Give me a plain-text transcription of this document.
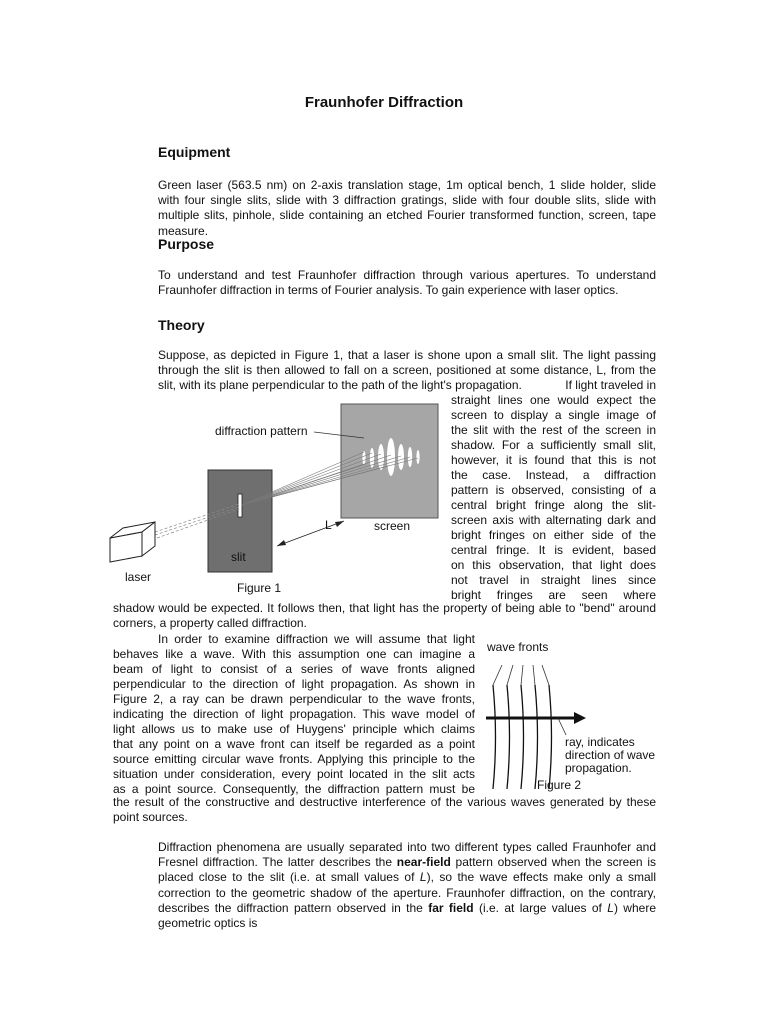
Fraunhofer Diffraction
Equipment
Green laser (563.5 nm) on 2-axis translation stage, 1m optical bench, 1 slide holder, slide with four single slits, slide with 3 diffraction gratings, slide with four double slits, slide with multiple slits, pinhole, slide containing an etched Fourier transformed function, screen, tape measure.
Purpose
To understand and test Fraunhofer diffraction through various apertures. To understand Fraunhofer diffraction in terms of Fourier analysis. To gain experience with laser optics.
Theory
Suppose, as depicted in Figure 1, that a laser is shone upon a small slit. The light passing through the slit is then allowed to fall on a screen, positioned at some distance, L, from the slit, with its plane perpendicular to the path of the light's propagation.	If light traveled in
straight lines one would expect the
screen to display a single image of
the slit with the rest of the screen in
shadow. For a sufficiently small slit,
however, it is found that this is not
the case. Instead, a diffraction
pattern is observed, consisting of a
central bright fringe along the slit-
screen axis with alternating dark and
bright fringes on either side of the
central fringe. It is evident, based
on this observation, that light does
not travel in straight lines since
bright fringes are seen where
diffraction pattern
L	screen
slit
laser
Figure 1
shadow would be expected. It follows then, that light has the property of being able to "bend" around corners, a property called diffraction.
In order to examine diffraction we will assume that light
behaves like a wave. With this assumption one can imagine a
beam of light to consist of a series of wave fronts aligned
perpendicular to the direction of light propagation. As shown in
Figure 2, a ray can be drawn perpendicular to the wave fronts,
indicating the direction of light propagation. This wave model of
light allows us to make use of Huygens' principle which claims
that any point on a wave front can itself be regarded as a point
source emitting circular wave fronts. Applying this principle to the
situation under consideration, every point located in the slit acts
as a point source. Consequently, the diffraction pattern must be
wave fronts
ray, indicates
direction of wave
propagation.
Figure 2
the result of the constructive and destructive interference of the various waves generated by these point sources.
Diffraction phenomena are usually separated into two different types called Fraunhofer and Fresnel diffraction. The latter describes the near-field pattern observed when the screen is placed close to the slit (i.e. at small values of L), so the wave effects make only a small correction to the geometric shadow of the aperture. Fraunhofer diffraction, on the contrary, describes the diffraction pattern observed in the far field (i.e. at large values of L) where geometric optics is
